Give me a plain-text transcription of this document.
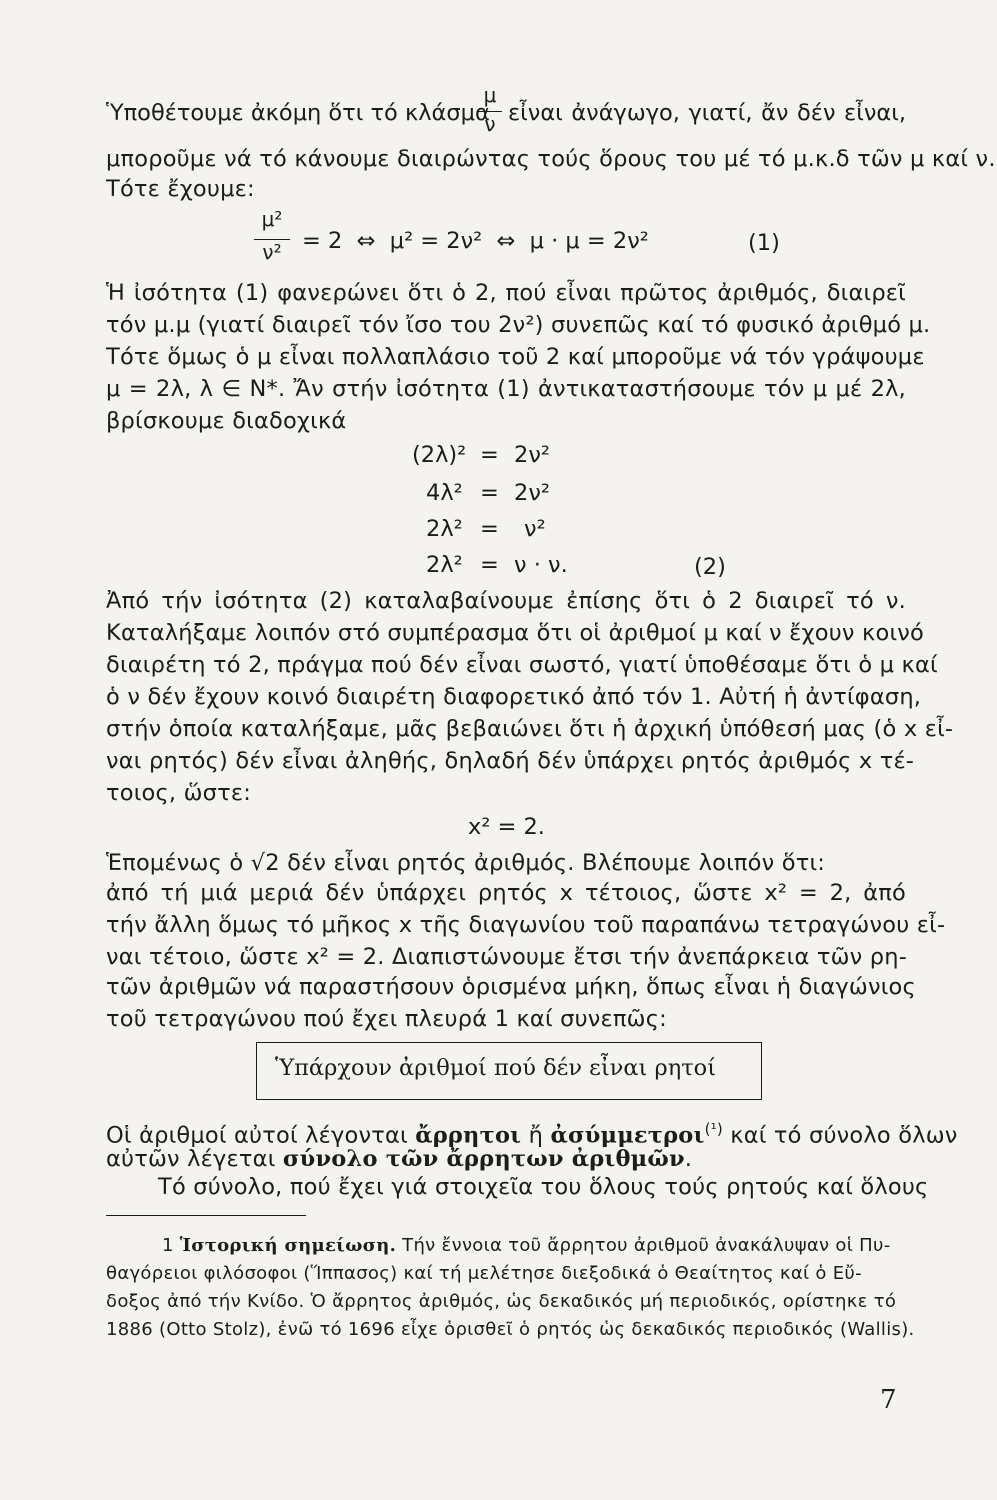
Ὑποθέτουμε ἀκόμη ὅτι τό κλάσμα
μ
ν εἶναι ἀνάγωγο, γιατί, ἄν δέν εἶναι,
μποροῦμε νά τό κάνουμε διαιρώντας τούς ὅρους του μέ τό μ.κ.δ τῶν μ καί ν.
Τότε ἔχουμε:
μ²
ν² = 2  ⇔  μ² = 2ν²  ⇔  μ · μ = 2ν²	(1)
Ἡ ἰσότητα (1) φανερώνει ὅτι ὁ 2, πού εἶναι πρῶτος ἀριθμός, διαιρεῖ
τόν μ.μ (γιατί διαιρεῖ τόν ἴσο του 2ν²) συνεπῶς καί τό φυσικό ἀριθμό μ.
Τότε ὅμως ὁ μ εἶναι πολλαπλάσιο τοῦ 2 καί μποροῦμε νά τόν γράψουμε
μ = 2λ, λ ∈ N*. Ἄν στήν ἰσότητα (1) ἀντικαταστήσουμε τόν μ μέ 2λ,
βρίσκουμε διαδοχικά
(2λ)² = 2ν²
4λ² = 2ν²
2λ² = ν²
2λ² = ν · ν.	(2)
Ἀπό τήν ἰσότητα (2) καταλαβαίνουμε ἐπίσης ὅτι ὁ 2 διαιρεῖ τό ν.
Καταλήξαμε λοιπόν στό συμπέρασμα ὅτι οἱ ἀριθμοί μ καί ν ἔχουν κοινό
διαιρέτη τό 2, πράγμα πού δέν εἶναι σωστό, γιατί ὑποθέσαμε ὅτι ὁ μ καί
ὁ ν δέν ἔχουν κοινό διαιρέτη διαφορετικό ἀπό τόν 1. Αὐτή ἡ ἀντίφαση,
στήν ὁποία καταλήξαμε, μᾶς βεβαιώνει ὅτι ἡ ἀρχική ὑπόθεσή μας (ὁ x εἶ-
ναι ρητός) δέν εἶναι ἀληθής, δηλαδή δέν ὑπάρχει ρητός ἀριθμός x τέ-
τοιος, ὥστε:
x² = 2.
Ἑπομένως ὁ √2 δέν εἶναι ρητός ἀριθμός. Βλέπουμε λοιπόν ὅτι:
ἀπό τή μιά μεριά δέν ὑπάρχει ρητός x τέτοιος, ὥστε x² = 2, ἀπό
τήν ἄλλη ὅμως τό μῆκος x τῆς διαγωνίου τοῦ παραπάνω τετραγώνου εἶ-
ναι τέτοιο, ὥστε x² = 2. Διαπιστώνουμε ἔτσι τήν ἀνεπάρκεια τῶν ρη-
τῶν ἀριθμῶν νά παραστήσουν ὁρισμένα μήκη, ὅπως εἶναι ἡ διαγώνιος
τοῦ τετραγώνου πού ἔχει πλευρά 1 καί συνεπῶς:
Ὑπάρχουν ἀριθμοί πού δέν εἶναι ρητοί
Οἱ ἀριθμοί αὐτοί λέγονται ἄρρητοι ἤ ἀσύμμετροι$^{(^1)}$ καί τό σύνολο ὅλων
αὐτῶν λέγεται σύνολο τῶν ἄρρητων ἀριθμῶν.
Τό σύνολο, πού ἔχει γιά στοιχεῖα του ὅλους τούς ρητούς καί ὅλους
1 Ἱστορική σημείωση. Τήν ἔννοια τοῦ ἄρρητου ἀριθμοῦ ἀνακάλυψαν οἱ Πυ-
θαγόρειοι φιλόσοφοι (Ἵππασος) καί τή μελέτησε διεξοδικά ὁ Θεαίτητος καί ὁ Εὔ-
δοξος ἀπό τήν Κνίδο. Ὁ ἄρρητος ἀριθμός, ὡς δεκαδικός μή περιοδικός, ορίστηκε τό
1886 (Otto Stolz), ἐνῶ τό 1696 εἶχε ὁρισθεῖ ὁ ρητός ὡς δεκαδικός περιοδικός (Wallis).
7
